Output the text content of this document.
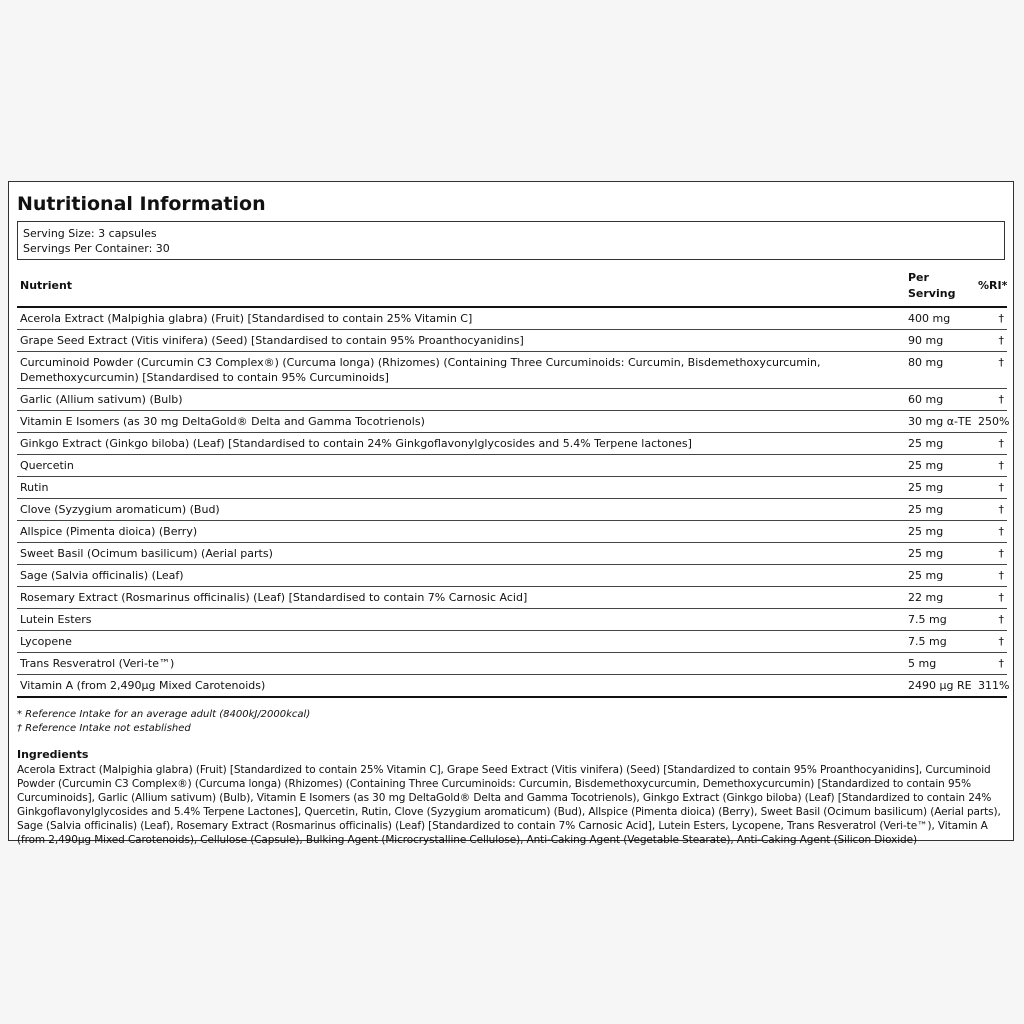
Nutritional Information
Serving Size: 3 capsules
Servings Per Container: 30
Nutrient	Per Serving	%RI*
Acerola Extract (Malpighia glabra) (Fruit) [Standardised to contain 25% Vitamin C]	400 mg	†
Grape Seed Extract (Vitis vinifera) (Seed) [Standardised to contain 95% Proanthocyanidins]	90 mg	†
Curcuminoid Powder (Curcumin C3 Complex®) (Curcuma longa) (Rhizomes) (Containing Three Curcuminoids: Curcumin, Bisdemethoxycurcumin, Demethoxycurcumin) [Standardised to contain 95% Curcuminoids]	80 mg	†
Garlic (Allium sativum) (Bulb)	60 mg	†
Vitamin E Isomers (as 30 mg DeltaGold® Delta and Gamma Tocotrienols)	30 mg α-TE	250%
Ginkgo Extract (Ginkgo biloba) (Leaf) [Standardised to contain 24% Ginkgoflavonylglycosides and 5.4% Terpene lactones]	25 mg	†
Quercetin	25 mg	†
Rutin	25 mg	†
Clove (Syzygium aromaticum) (Bud)	25 mg	†
Allspice (Pimenta dioica) (Berry)	25 mg	†
Sweet Basil (Ocimum basilicum) (Aerial parts)	25 mg	†
Sage (Salvia officinalis) (Leaf)	25 mg	†
Rosemary Extract (Rosmarinus officinalis) (Leaf) [Standardised to contain 7% Carnosic Acid]	22 mg	†
Lutein Esters	7.5 mg	†
Lycopene	7.5 mg	†
Trans Resveratrol (Veri-te™)	5 mg	†
Vitamin A (from 2,490μg Mixed Carotenoids)	2490 μg RE	311%
* Reference Intake for an average adult (8400kJ/2000kcal)
† Reference Intake not established
Ingredients
Acerola Extract (Malpighia glabra) (Fruit) [Standardized to contain 25% Vitamin C], Grape Seed Extract (Vitis vinifera) (Seed) [Standardized to contain 95% Proanthocyanidins], Curcuminoid Powder (Curcumin C3 Complex®) (Curcuma longa) (Rhizomes) (Containing Three Curcuminoids: Curcumin, Bisdemethoxycurcumin, Demethoxycurcumin) [Standardized to contain 95% Curcuminoids], Garlic (Allium sativum) (Bulb), Vitamin E Isomers (as 30 mg DeltaGold® Delta and Gamma Tocotrienols), Ginkgo Extract (Ginkgo biloba) (Leaf) [Standardized to contain 24% Ginkgoflavonylglycosides and 5.4% Terpene Lactones], Quercetin, Rutin, Clove (Syzygium aromaticum) (Bud), Allspice (Pimenta dioica) (Berry), Sweet Basil (Ocimum basilicum) (Aerial parts), Sage (Salvia officinalis) (Leaf), Rosemary Extract (Rosmarinus officinalis) (Leaf) [Standardized to contain 7% Carnosic Acid], Lutein Esters, Lycopene, Trans Resveratrol (Veri-te™), Vitamin A (from 2,490μg Mixed Carotenoids), Cellulose (Capsule), Bulking Agent (Microcrystalline Cellulose), Anti-Caking Agent (Vegetable Stearate), Anti-Caking Agent (Silicon Dioxide)
